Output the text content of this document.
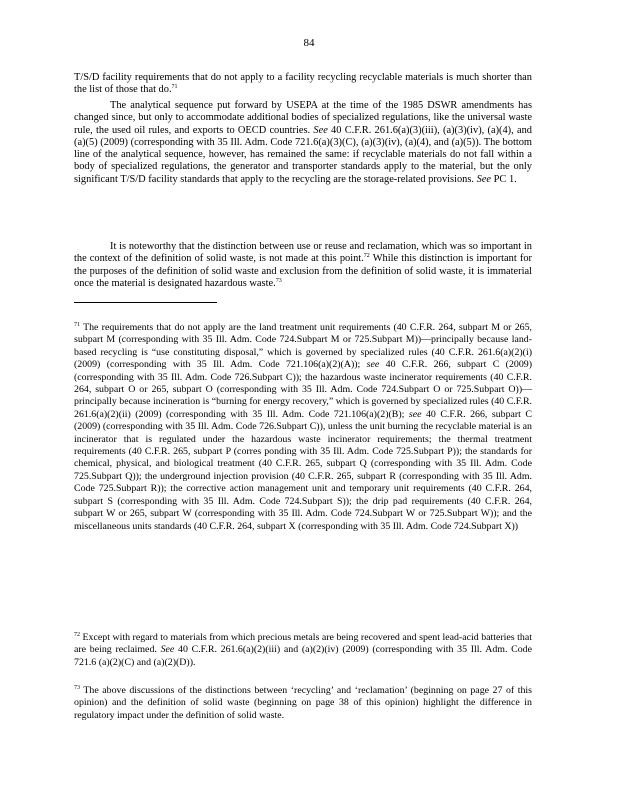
84

T/S/D facility requirements that do not apply to a facility recycling recyclable materials is much shorter than the list of those that do.$^{71}$

The analytical sequence put forward by USEPA at the time of the 1985 DSWR amendments has changed since, but only to accommodate additional bodies of specialized regulations, like the universal waste rule, the used oil rules, and exports to OECD countries. See 40 C.F.R. 261.6(a)(3)(iii), (a)(3)(iv), (a)(4), and (a)(5) (2009) (corresponding with 35 Ill. Adm. Code 721.6(a)(3)(C), (a)(3)(iv), (a)(4), and (a)(5)). The bottom line of the analytical sequence, however, has remained the same: if recyclable materials do not fall within a body of specialized regulations, the generator and transporter standards apply to the material, but the only significant T/S/D facility standards that apply to the recycling are the storage-related provisions. See PC 1.

It is noteworthy that the distinction between use or reuse and reclamation, which was so important in the context of the definition of solid waste, is not made at this point.$^{72}$ While this distinction is important for the purposes of the definition of solid waste and exclusion from the definition of solid waste, it is immaterial once the material is designated hazardous waste.$^{73}$

$^{71}$ The requirements that do not apply are the land treatment unit requirements (40 C.F.R. 264, subpart M or 265, subpart M (corresponding with 35 Ill. Adm. Code 724.Subpart M or 725.Subpart M))—principally because land-based recycling is “use constituting disposal,” which is governed by specialized rules (40 C.F.R. 261.6(a)(2)(i) (2009) (corresponding with 35 Ill. Adm. Code 721.106(a)(2)(A)); see 40 C.F.R. 266, subpart C (2009) (corresponding with 35 Ill. Adm. Code 726.Subpart C)); the hazardous waste incinerator requirements (40 C.F.R. 264, subpart O or 265, subpart O (corresponding with 35 Ill. Adm. Code 724.Subpart O or 725.Subpart O))—principally because incineration is “burning for energy recovery,” which is governed by specialized rules (40 C.F.R. 261.6(a)(2)(ii) (2009) (corresponding with 35 Ill. Adm. Code 721.106(a)(2)(B); see 40 C.F.R. 266, subpart C (2009) (corresponding with 35 Ill. Adm. Code 726.Subpart C)), unless the unit burning the recyclable material is an incinerator that is regulated under the hazardous waste incinerator requirements; the thermal treatment requirements (40 C.F.R. 265, subpart P (corres ponding with 35 Ill. Adm. Code 725.Subpart P)); the standards for chemical, physical, and biological treatment (40 C.F.R. 265, subpart Q (corresponding with 35 Ill. Adm. Code 725.Subpart Q)); the underground injection provision (40 C.F.R. 265, subpart R (corresponding with 35 Ill. Adm. Code 725.Subpart R)); the corrective action management unit and temporary unit requirements (40 C.F.R. 264, subpart S (corresponding with 35 Ill. Adm. Code 724.Subpart S)); the drip pad requirements (40 C.F.R. 264, subpart W or 265, subpart W (corresponding with 35 Ill. Adm. Code 724.Subpart W or 725.Subpart W)); and the miscellaneous units standards (40 C.F.R. 264, subpart X (corresponding with 35 Ill. Adm. Code 724.Subpart X))

$^{72}$ Except with regard to materials from which precious metals are being recovered and spent lead-acid batteries that are being reclaimed. See 40 C.F.R. 261.6(a)(2)(iii) and (a)(2)(iv) (2009) (corresponding with 35 Ill. Adm. Code 721.6 (a)(2)(C) and (a)(2)(D)).

$^{73}$ The above discussions of the distinctions between ‘recycling’ and ‘reclamation’ (beginning on page 27 of this opinion) and the definition of solid waste (beginning on page 38 of this opinion) highlight the difference in regulatory impact under the definition of solid waste.
